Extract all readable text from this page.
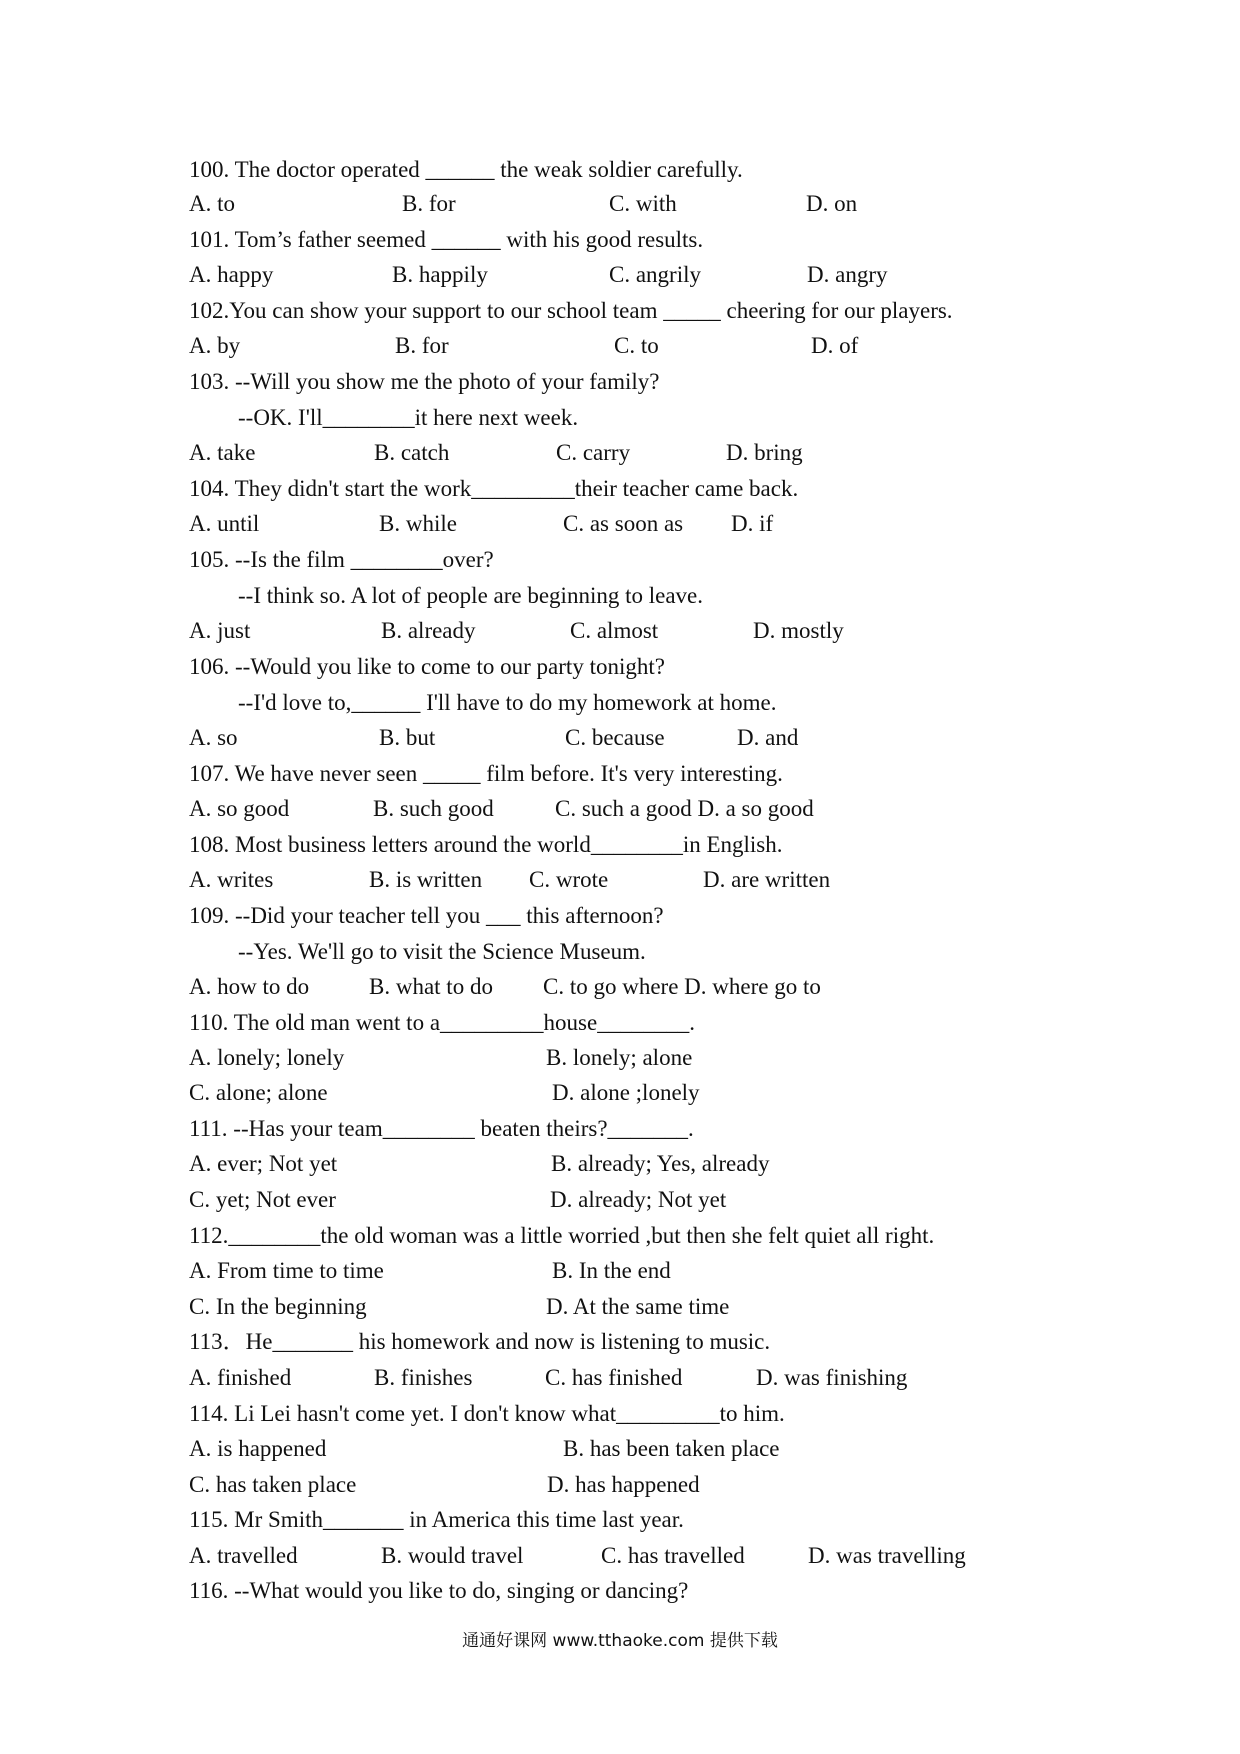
100. The doctor operated ______ the weak soldier carefully.
A. to	B. for	C. with	D. on
101. Tom’s father seemed ______ with his good results.
A. happy	B. happily	C. angrily	D. angry
102.You can show your support to our school team _____ cheering for our players.
A. by	B. for	C. to	D. of
103. --Will you show me the photo of your family?
--OK. I'll________it here next week.
A. take	B. catch	C. carry	D. bring
104. They didn't start the work_________their teacher came back.
A. until	B. while	C. as soon as D. if
105. --Is the film ________over?
--I think so. A lot of people are beginning to leave.
A. just	B. already	C. almost	D. mostly
106. --Would you like to come to our party tonight?
--I'd love to,______ I'll have to do my homework at home.
A. so	B. but	C. because	D. and
107. We have never seen _____ film before. It's very interesting.
A. so good	B. such good	C. such a good D. a so good
108. Most business letters around the world________in English.
A. writes	B. is written C. wrote	D. are written
109. --Did your teacher tell you ___ this afternoon?
--Yes. We'll go to visit the Science Museum.
A. how to do	B. what to do C. to go where D. where go to
110. The old man went to a_________house________.
A. lonely; lonely	B. lonely; alone
C. alone; alone	D. alone ;lonely
111. --Has your team________ beaten theirs?_______.
A. ever; Not yet	B. already; Yes, already
C. yet; Not ever	D. already; Not yet
112.________the old woman was a little worried ,but then she felt quiet all right.
A. From time to time	B. In the end
C. In the beginning	D. At the same time
113．He_______ his homework and now is listening to music.
A. finished	B. finishes	C. has finished	D. was finishing
114. Li Lei hasn't come yet. I don't know what_________to him.
A. is happened	B. has been taken place
C. has taken place	D. has happened
115. Mr Smith_______ in America this time last year.
A. travelled	B. would travel	C. has travelled	D. was travelling
116. --What would you like to do, singing or dancing?
通通好课网 www.tthaoke.com 提供下载
